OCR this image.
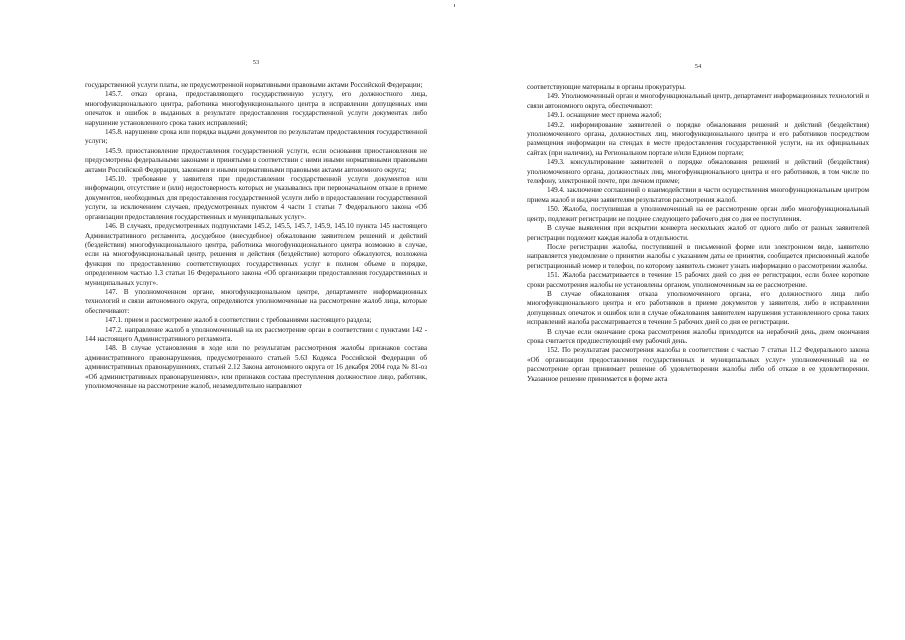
53

государственной услуги платы, не предусмотренной нормативными правовыми актами Российской Федерации;

145.7. отказ органа, предоставляющего государственную услугу, его должностного лица, многофункционального центра, работника многофункционального центра в исправлении допущенных ими опечаток и ошибок в выданных в результате предоставления государственной услуги документах либо нарушение установленного срока таких исправлений;

145.8. нарушение срока или порядка выдачи документов по результатам предоставления государственной услуги;

145.9. приостановление предоставления государственной услуги, если основания приостановления не предусмотрены федеральными законами и принятыми в соответствии с ними иными нормативными правовыми актами Российской Федерации, законами и иными нормативными правовыми актами автономного округа;

145.10. требование у заявителя при предоставлении государственной услуги документов или информации, отсутствие и (или) недостоверность которых не указывались при первоначальном отказе в приеме документов, необходимых для предоставления государственной услуги либо в предоставлении государственной услуги, за исключением случаев, предусмотренных пунктом 4 части 1 статьи 7 Федерального закона «Об организации предоставления государственных и муниципальных услуг».

146. В случаях, предусмотренных подпунктами 145.2, 145.5, 145.7, 145.9, 145.10 пункта 145 настоящего Административного регламента, досудебное (внесудебное) обжалование заявителем решений и действий (бездействия) многофункционального центра, работника многофункционального центра возможно в случае, если на многофункциональный центр, решения и действия (бездействие) которого обжалуются, возложена функция по предоставлению соответствующих государственных услуг в полном объеме в порядке, определенном частью 1.3 статьи 16 Федерального закона «Об организации предоставления государственных и муниципальных услуг».

147. В уполномоченном органе, многофункциональном центре, департаменте информационных технологий и связи автономного округа, определяются уполномоченные на рассмотрение жалоб лица, которые обеспечивают:

147.1. прием и рассмотрение жалоб в соответствии с требованиями настоящего раздела;

147.2. направление жалоб в уполномоченный на их рассмотрение орган в соответствии с пунктами 142 - 144 настоящего Административного регламента.

148. В случае установления в ходе или по результатам рассмотрения жалобы признаков состава административного правонарушения, предусмотренного статьей 5.63 Кодекса Российской Федерации об административных правонарушениях, статьей 2.12 Закона автономного округа от 16 декабря 2004 года № 81-оз «Об административных правонарушениях», или признаков состава преступления должностное лицо, работник, уполномоченные на рассмотрение жалоб, незамедлительно направляют

54

соответствующие материалы в органы прокуратуры.

149. Уполномоченный орган и многофункциональный центр, департамент информационных технологий и связи автономного округа, обеспечивают:

149.1. оснащение мест приема жалоб;

149.2. информирование заявителей о порядке обжалования решений и действий (бездействия) уполномоченного органа, должностных лиц, многофункционального центра и его работников посредством размещения информации на стендах в месте предоставления государственной услуги, на их официальных сайтах (при наличии), на Региональном портале и/или Едином портале;

149.3. консультирование заявителей о порядке обжалования решений и действий (бездействия) уполномоченного органа, должностных лиц, многофункционального центра и его работников, в том числе по телефону, электронной почте, при личном приеме;

149.4. заключение соглашений о взаимодействии в части осуществления многофункциональным центром приема жалоб и выдачи заявителям результатов рассмотрения жалоб.

150. Жалоба, поступившая в уполномоченный на ее рассмотрение орган либо многофункциональный центр, подлежит регистрации не позднее следующего рабочего дня со дня ее поступления.

В случае выявления при вскрытии конверта нескольких жалоб от одного либо от разных заявителей регистрации подлежит каждая жалоба в отдельности.

После регистрации жалобы, поступившей в письменной форме или электронном виде, заявителю направляется уведомление о принятии жалобы с указанием даты ее принятия, сообщается присвоенный жалобе регистрационный номер и телефон, по которому заявитель сможет узнать информацию о рассмотрении жалобы.

151. Жалоба рассматривается в течение 15 рабочих дней со дня ее регистрации, если более короткие сроки рассмотрения жалобы не установлены органом, уполномоченным на ее рассмотрение.

В случае обжалования отказа уполномоченного органа, его должностного лица либо многофункционального центра и его работников в приеме документов у заявителя, либо в исправлении допущенных опечаток и ошибок или в случае обжалования заявителем нарушения установленного срока таких исправлений жалоба рассматривается в течение 5 рабочих дней со дня ее регистрации.

В случае если окончание срока рассмотрения жалобы приходится на нерабочий день, днем окончания срока считается предшествующий ему рабочий день.

152. По результатам рассмотрения жалобы в соответствии с частью 7 статьи 11.2 Федерального закона «Об организации предоставления государственных и муниципальных услуг» уполномоченный на ее рассмотрение орган принимает решение об удовлетворении жалобы либо об отказе в ее удовлетворении. Указанное решение принимается в форме акта
